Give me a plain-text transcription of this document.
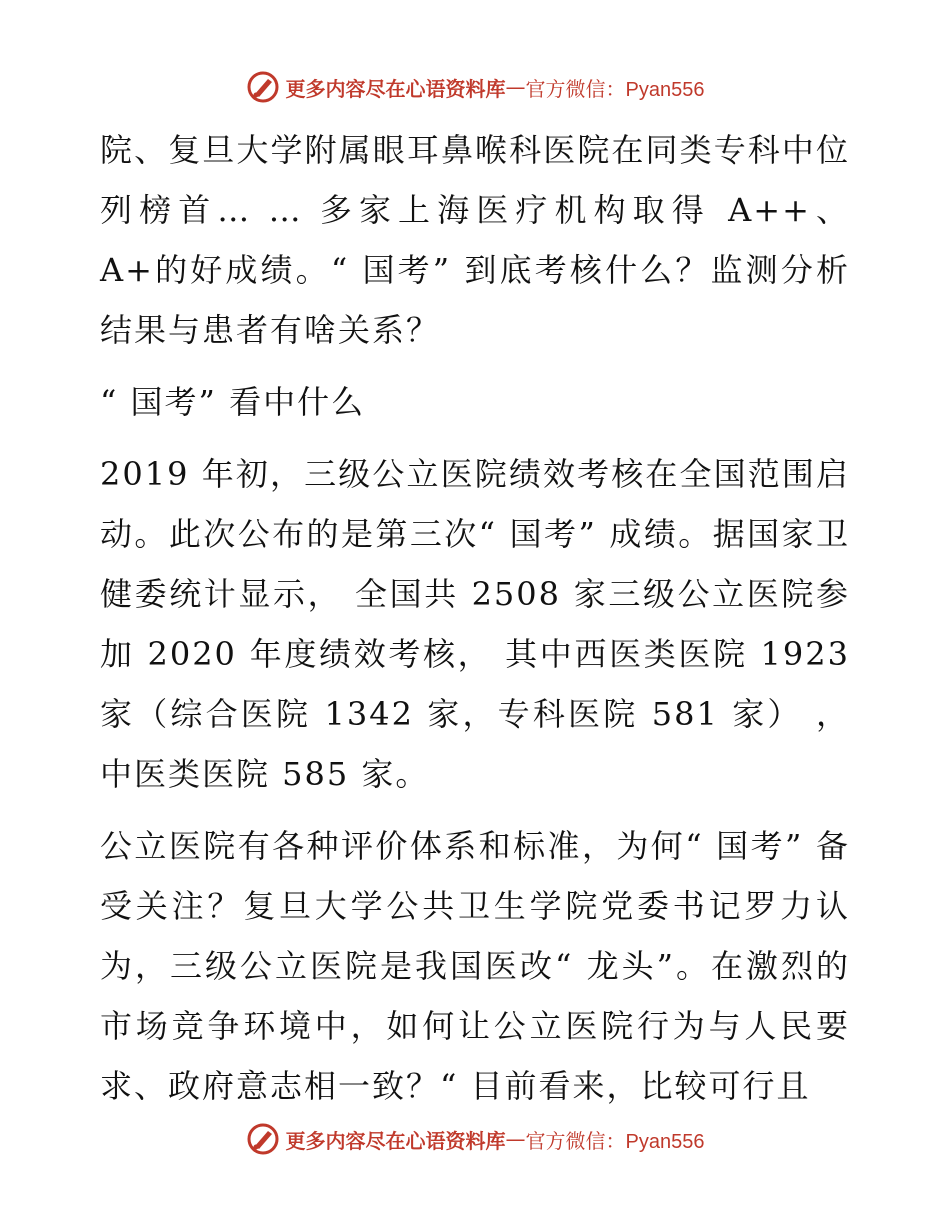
更多内容尽在心语资料库 — 官方微信：Pyan556

院、复旦大学附属眼耳鼻喉科医院在同类专科中位列榜首… … 多家上海医疗机构取得 A++、A+的好成绩。“ 国考” 到底考核什么？监测分析结果与患者有啥关系？

“ 国考” 看中什么

2019 年初，三级公立医院绩效考核在全国范围启动。此次公布的是第三次“ 国考” 成绩。据国家卫健委统计显示， 全国共 2508 家三级公立医院参加 2020 年度绩效考核， 其中西医类医院 1923 家（综合医院 1342 家，专科医院 581 家） ，中医类医院 585 家。

公立医院有各种评价体系和标准，为何“ 国考” 备受关注？复旦大学公共卫生学院党委书记罗力认为，三级公立医院是我国医改“ 龙头”。在激烈的市场竞争环境中，如何让公立医院行为与人民要求、政府意志相一致？“ 目前看来，比较可行且

更多内容尽在心语资料库 — 官方微信：Pyan556
